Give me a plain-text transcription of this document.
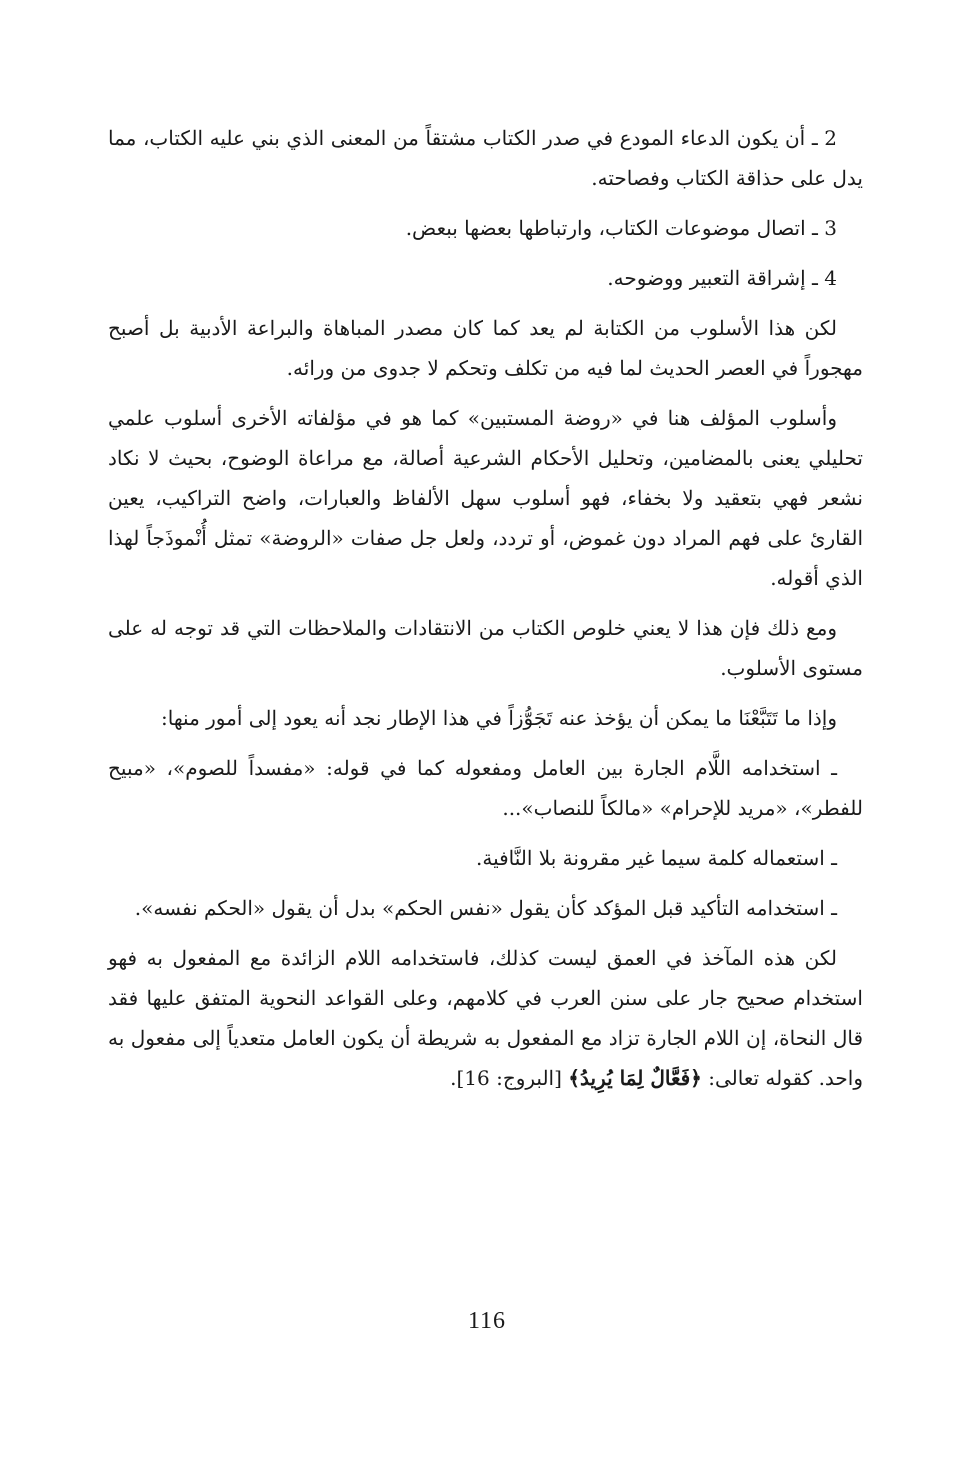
2 ـ أن يكون الدعاء المودع في صدر الكتاب مشتقاً من المعنى الذي بني عليه الكتاب، مما يدل على حذاقة الكتاب وفصاحته.

3 ـ اتصال موضوعات الكتاب، وارتباطها بعضها ببعض.

4 ـ إشراقة التعبير ووضوحه.

لكن هذا الأسلوب من الكتابة لم يعد كما كان مصدر المباهاة والبراعة الأدبية بل أصبح مهجوراً في العصر الحديث لما فيه من تكلف وتحكم لا جدوى من ورائه.

وأسلوب المؤلف هنا في «روضة المستبين» كما هو في مؤلفاته الأخرى أسلوب علمي تحليلي يعنى بالمضامين، وتحليل الأحكام الشرعية أصالة، مع مراعاة الوضوح، بحيث لا نكاد نشعر فهي بتعقيد ولا بخفاء، فهو أسلوب سهل الألفاظ والعبارات، واضح التراكيب، يعين القارئ على فهم المراد دون غموض، أو تردد، ولعل جل صفات «الروضة» تمثل أُنْموذَجاً لهذا الذي أقوله.

ومع ذلك فإن هذا لا يعني خلوص الكتاب من الانتقادات والملاحظات التي قد توجه له على مستوى الأسلوب.

وإذا ما تَتَبَّعْنَا ما يمكن أن يؤخذ عنه تَجَوُّزاً في هذا الإطار نجد أنه يعود إلى أمور منها:

ـ استخدامه اللَّام الجارة بين العامل ومفعوله كما في قوله: «مفسداً للصوم»، «مبيح للفطر»، «مريد للإحرام» «مالكاً للنصاب»...

ـ استعماله كلمة سيما غير مقرونة بلا النَّافية.

ـ استخدامه التأكيد قبل المؤكد كأن يقول «نفس الحكم» بدل أن يقول «الحكم نفسه».

لكن هذه المآخذ في العمق ليست كذلك، فاستخدامه اللام الزائدة مع المفعول به فهو استخدام صحيح جار على سنن العرب في كلامهم، وعلى القواعد النحوية المتفق عليها فقد قال النحاة، إن اللام الجارة تزاد مع المفعول به شريطة أن يكون العامل متعدياً إلى مفعول به واحد. كقوله تعالى: ﴿فَعَّالٌ لِمَا يُرِيدُ﴾ [البروج: 16].

116
